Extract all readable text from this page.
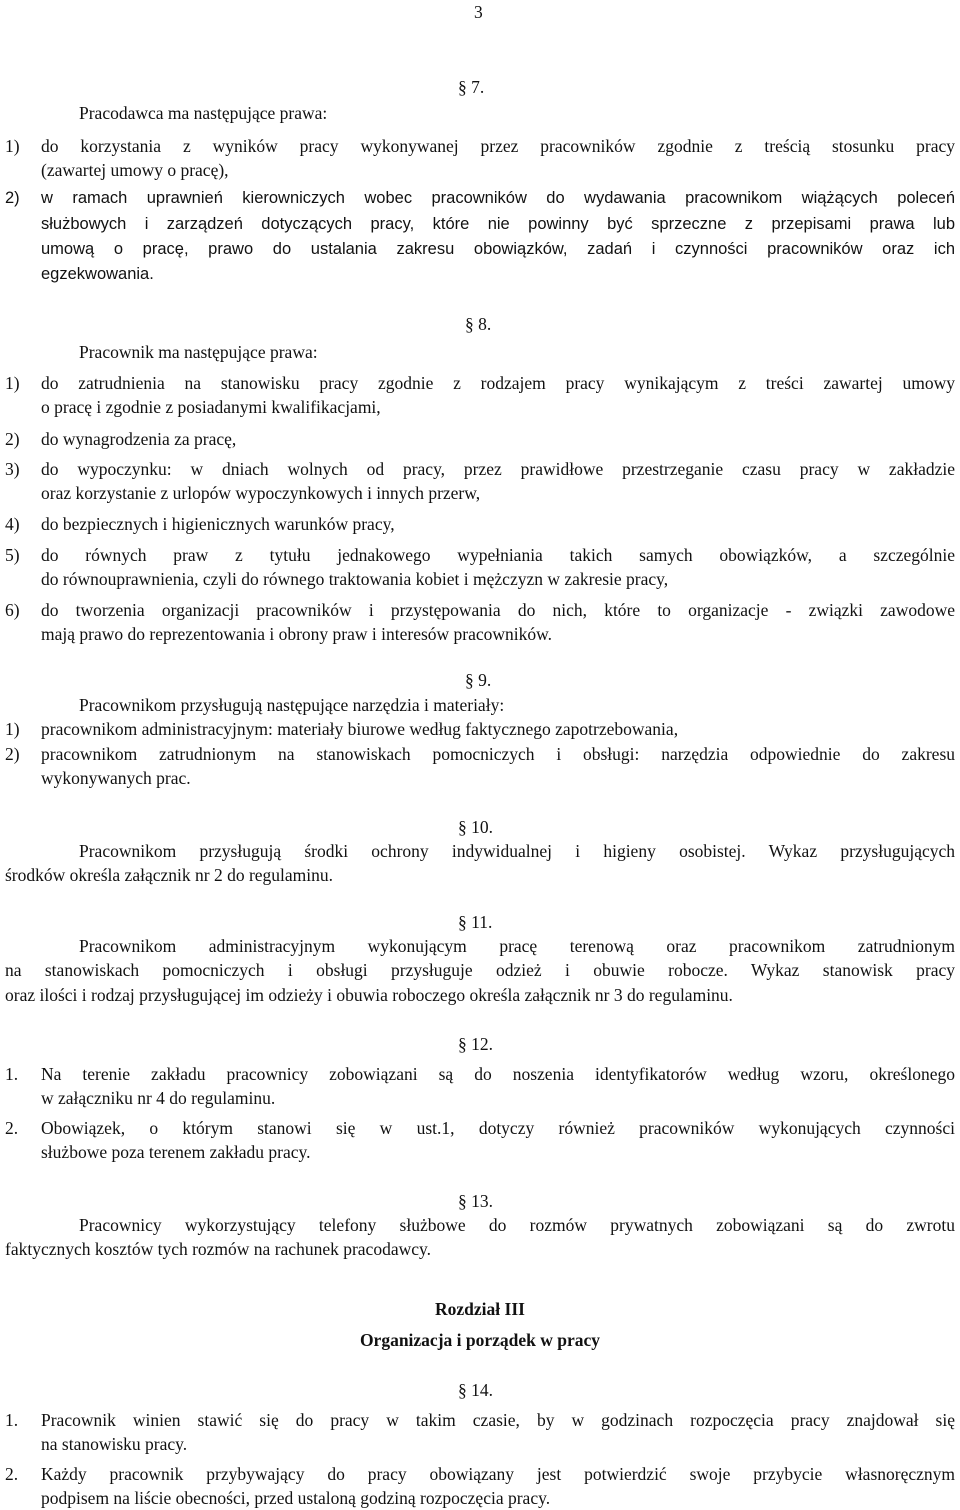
3
§ 7.
Pracodawca ma następujące prawa:
1) do korzystania z wyników pracy wykonywanej przez pracowników zgodnie z treścią stosunku pracy
(zawartej umowy o pracę),
2) w ramach uprawnień kierowniczych wobec pracowników do wydawania pracownikom wiążących poleceń
służbowych i zarządzeń dotyczących pracy, które nie powinny być sprzeczne z przepisami prawa lub
umową o pracę, prawo do ustalania zakresu obowiązków, zadań i czynności pracowników oraz ich
egzekwowania.
§ 8.
Pracownik ma następujące prawa:
1) do zatrudnienia na stanowisku pracy zgodnie z rodzajem pracy wynikającym z treści zawartej umowy
o pracę i zgodnie z posiadanymi kwalifikacjami,
2) do wynagrodzenia za pracę,
3) do wypoczynku: w dniach wolnych od pracy, przez prawidłowe przestrzeganie czasu pracy w zakładzie
oraz korzystanie z urlopów wypoczynkowych i innych przerw,
4) do bezpiecznych i higienicznych warunków pracy,
5) do równych praw z tytułu jednakowego wypełniania takich samych obowiązków, a szczególnie
do równouprawnienia, czyli do równego traktowania kobiet i mężczyzn w zakresie pracy,
6) do tworzenia organizacji pracowników i przystępowania do nich, które to organizacje - związki zawodowe
mają prawo do reprezentowania i obrony praw i interesów pracowników.
§ 9.
Pracownikom przysługują następujące narzędzia i materiały:
1) pracownikom administracyjnym: materiały biurowe według faktycznego zapotrzebowania,
2) pracownikom zatrudnionym na stanowiskach pomocniczych i obsługi: narzędzia odpowiednie do zakresu
wykonywanych prac.
§ 10.
Pracownikom przysługują środki ochrony indywidualnej i higieny osobistej. Wykaz przysługujących
środków określa załącznik nr 2 do regulaminu.
§ 11.
Pracownikom administracyjnym wykonującym pracę terenową oraz pracownikom zatrudnionym
na stanowiskach pomocniczych i obsługi przysługuje odzież i obuwie robocze. Wykaz stanowisk pracy
oraz ilości i rodzaj przysługującej im odzieży i obuwia roboczego określa załącznik nr 3 do regulaminu.
§ 12.
1. Na terenie zakładu pracownicy zobowiązani są do noszenia identyfikatorów według wzoru, określonego
w załączniku nr 4 do regulaminu.
2. Obowiązek, o którym stanowi się w ust.1, dotyczy również pracowników wykonujących czynności
służbowe poza terenem zakładu pracy.
§ 13.
Pracownicy wykorzystujący telefony służbowe do rozmów prywatnych zobowiązani są do zwrotu
faktycznych kosztów tych rozmów na rachunek pracodawcy.
Rozdział III
Organizacja i porządek w pracy
§ 14.
1. Pracownik winien stawić się do pracy w takim czasie, by w godzinach rozpoczęcia pracy znajdował się
na stanowisku pracy.
2. Każdy pracownik przybywający do pracy obowiązany jest potwierdzić swoje przybycie własnoręcznym
podpisem na liście obecności, przed ustaloną godziną rozpoczęcia pracy.
